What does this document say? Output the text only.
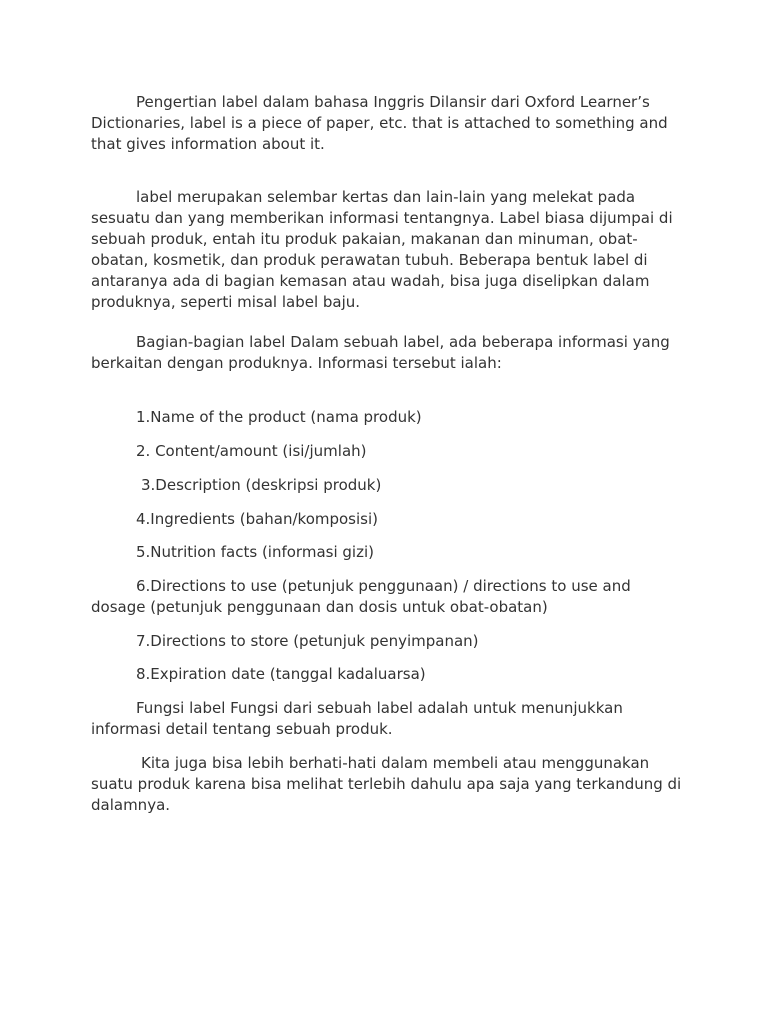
Pengertian label dalam bahasa Inggris Dilansir dari Oxford Learner’s Dictionaries, label is a piece of paper, etc. that is attached to something and that gives information about it.

label merupakan selembar kertas dan lain-lain yang melekat pada sesuatu dan yang memberikan informasi tentangnya. Label biasa dijumpai di sebuah produk, entah itu produk pakaian, makanan dan minuman, obat-obatan, kosmetik, dan produk perawatan tubuh. Beberapa bentuk label di antaranya ada di bagian kemasan atau wadah, bisa juga diselipkan dalam produknya, seperti misal label baju.

Bagian-bagian label Dalam sebuah label, ada beberapa informasi yang berkaitan dengan produknya. Informasi tersebut ialah:

1.Name of the product (nama produk)

2. Content/amount (isi/jumlah)

3.Description (deskripsi produk)

4.Ingredients (bahan/komposisi)

5.Nutrition facts (informasi gizi)

6.Directions to use (petunjuk penggunaan) / directions to use and dosage (petunjuk penggunaan dan dosis untuk obat-obatan)

7.Directions to store (petunjuk penyimpanan)

8.Expiration date (tanggal kadaluarsa)

Fungsi label Fungsi dari sebuah label adalah untuk menunjukkan informasi detail tentang sebuah produk.

Kita juga bisa lebih berhati-hati dalam membeli atau menggunakan suatu produk karena bisa melihat terlebih dahulu apa saja yang terkandung di dalamnya.
